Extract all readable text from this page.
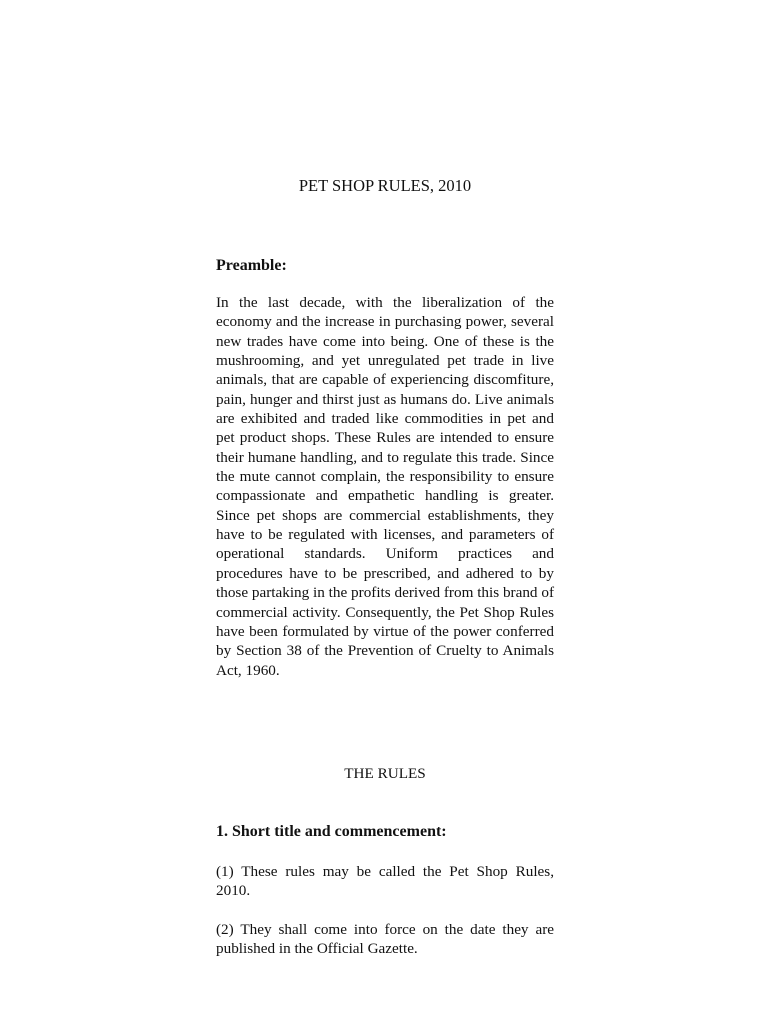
PET SHOP RULES, 2010
Preamble:

In the last decade, with the liberalization of the economy and the increase in purchasing power, several new trades have come into being. One of these is the mushrooming, and yet unregulated pet trade in live animals, that are capable of experiencing discomfiture, pain, hunger and thirst just as humans do. Live animals are exhibited and traded like commodities in pet and pet product shops. These Rules are intended to ensure their humane handling, and to regulate this trade. Since the mute cannot complain, the responsibility to ensure compassionate and empathetic handling is greater. Since pet shops are commercial establishments, they have to be regulated with licenses, and parameters of operational standards. Uniform practices and procedures have to be prescribed, and adhered to by those partaking in the profits derived from this brand of commercial activity. Consequently, the Pet Shop Rules have been formulated by virtue of the power conferred by Section 38 of the Prevention of Cruelty to Animals Act, 1960.

THE RULES

1. Short title and commencement:

(1) These rules may be called the Pet Shop Rules, 2010.

(2) They shall come into force on the date they are published in the Official Gazette.
